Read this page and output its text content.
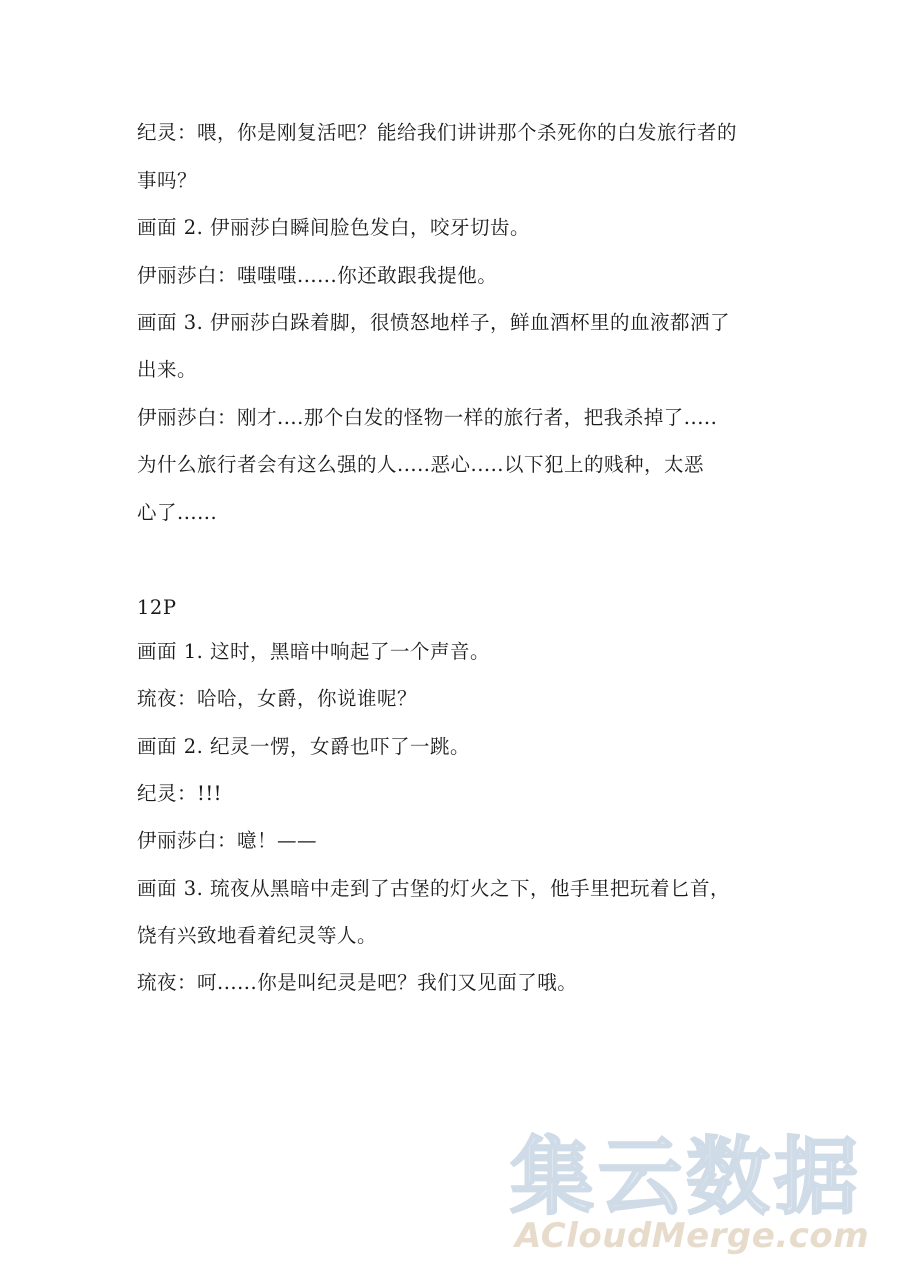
纪灵：喂，你是刚复活吧？能给我们讲讲那个杀死你的白发旅行者的
事吗？
画面 2. 伊丽莎白瞬间脸色发白，咬牙切齿。
伊丽莎白：嗤嗤嗤......你还敢跟我提他。
画面 3. 伊丽莎白跺着脚，很愤怒地样子，鲜血酒杯里的血液都洒了
出来。
伊丽莎白：刚才....那个白发的怪物一样的旅行者，把我杀掉了.....
为什么旅行者会有这么强的人.....恶心.....以下犯上的贱种，太恶
心了......
12P
画面 1. 这时，黑暗中响起了一个声音。
琉夜：哈哈，女爵，你说谁呢？
画面 2. 纪灵一愣，女爵也吓了一跳。
纪灵：!!!
伊丽莎白：噫！——
画面 3. 琉夜从黑暗中走到了古堡的灯火之下，他手里把玩着匕首，
饶有兴致地看着纪灵等人。
琉夜：呵......你是叫纪灵是吧？我们又见面了哦。
集云数据
ACloudMerge.com
